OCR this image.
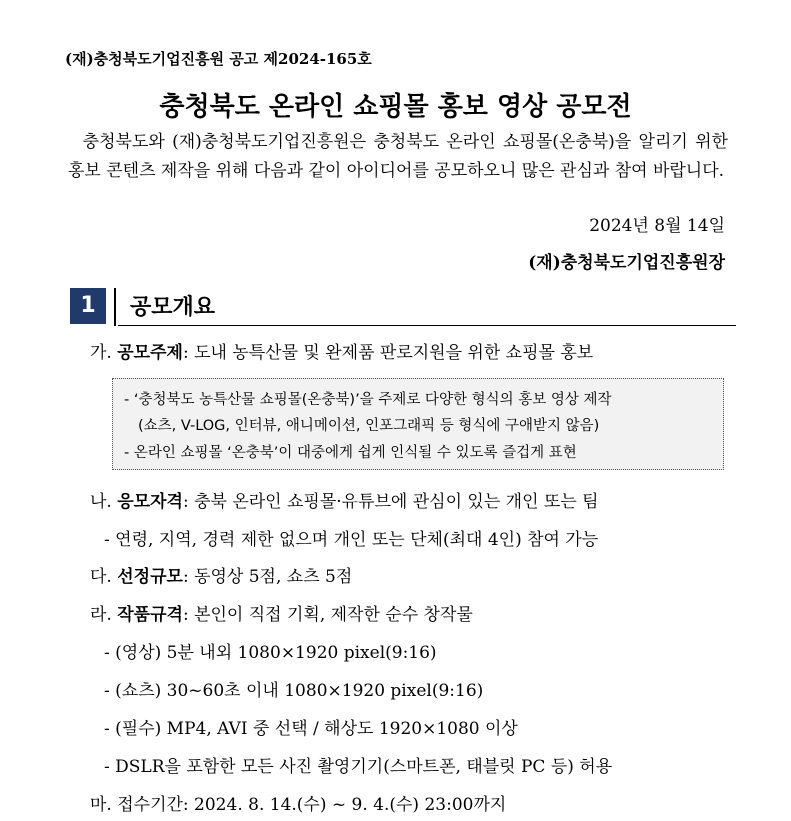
(재)충청북도기업진흥원 공고 제2024-165호
충청북도 온라인 쇼핑몰 홍보 영상 공모전
충청북도와 (재)충청북도기업진흥원은 충청북도 온라인 쇼핑몰(온충북)을 알리기 위한 홍보 콘텐츠 제작을 위해 다음과 같이 아이디어를 공모하오니 많은 관심과 참여 바랍니다.
2024년 8월 14일
(재)충청북도기업진흥원장
1	공모개요
가. 공모주제: 도내 농특산물 및 완제품 판로지원을 위한 쇼핑몰 홍보
- ‘충청북도 농특산물 쇼핑몰(온충북)’을 주제로 다양한 형식의 홍보 영상 제작
(쇼츠, V-LOG, 인터뷰, 애니메이션, 인포그래픽 등 형식에 구애받지 않음)
- 온라인 쇼핑몰 ‘온충북’이 대중에게 쉽게 인식될 수 있도록 즐겁게 표현
나. 응모자격: 충북 온라인 쇼핑몰·유튜브에 관심이 있는 개인 또는 팀
- 연령, 지역, 경력 제한 없으며 개인 또는 단체(최대 4인) 참여 가능
다. 선정규모: 동영상 5점, 쇼츠 5점
라. 작품규격: 본인이 직접 기획, 제작한 순수 창작물
- (영상) 5분 내외 1080×1920 pixel(9:16)
- (쇼츠) 30~60초 이내 1080×1920 pixel(9:16)
- (필수) MP4, AVI 중 선택 / 해상도 1920×1080 이상
- DSLR을 포함한 모든 사진 촬영기기(스마트폰, 태블릿 PC 등) 허용
마. 접수기간: 2024. 8. 14.(수) ~ 9. 4.(수) 23:00까지
